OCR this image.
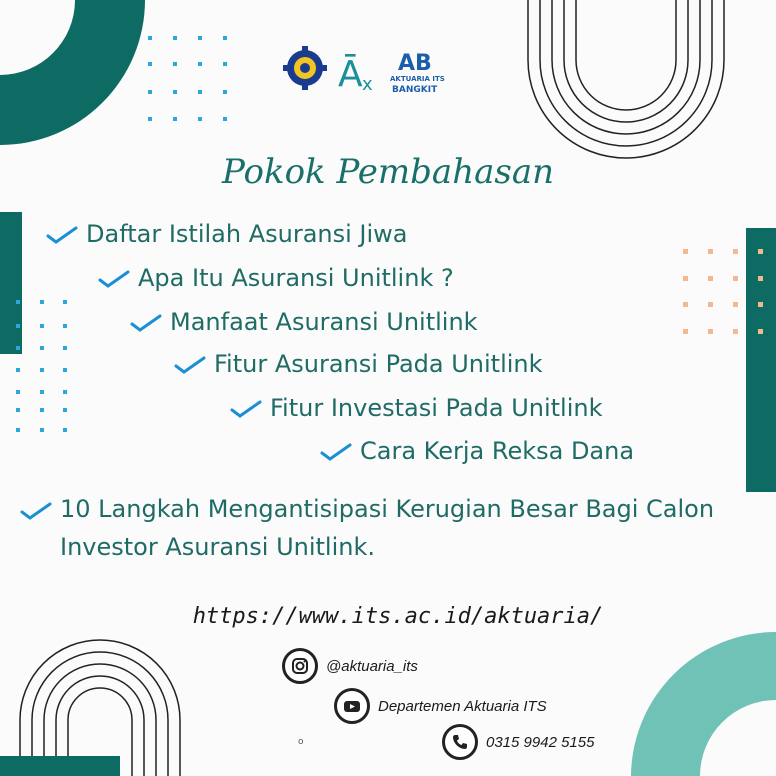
Ā x
AB
AKTUARIA ITS
BANGKIT
Pokok Pembahasan
Daftar Istilah Asuransi Jiwa
Apa Itu Asuransi Unitlink ?
Manfaat Asuransi Unitlink
Fitur Asuransi Pada Unitlink
Fitur Investasi Pada Unitlink
Cara Kerja Reksa Dana
10 Langkah Mengantisipasi Kerugian Besar Bagi Calon Investor Asuransi Unitlink.
https://www.its.ac.id/aktuaria/
@aktuaria_its
Departemen Aktuaria ITS
0315 9942 5155
o
